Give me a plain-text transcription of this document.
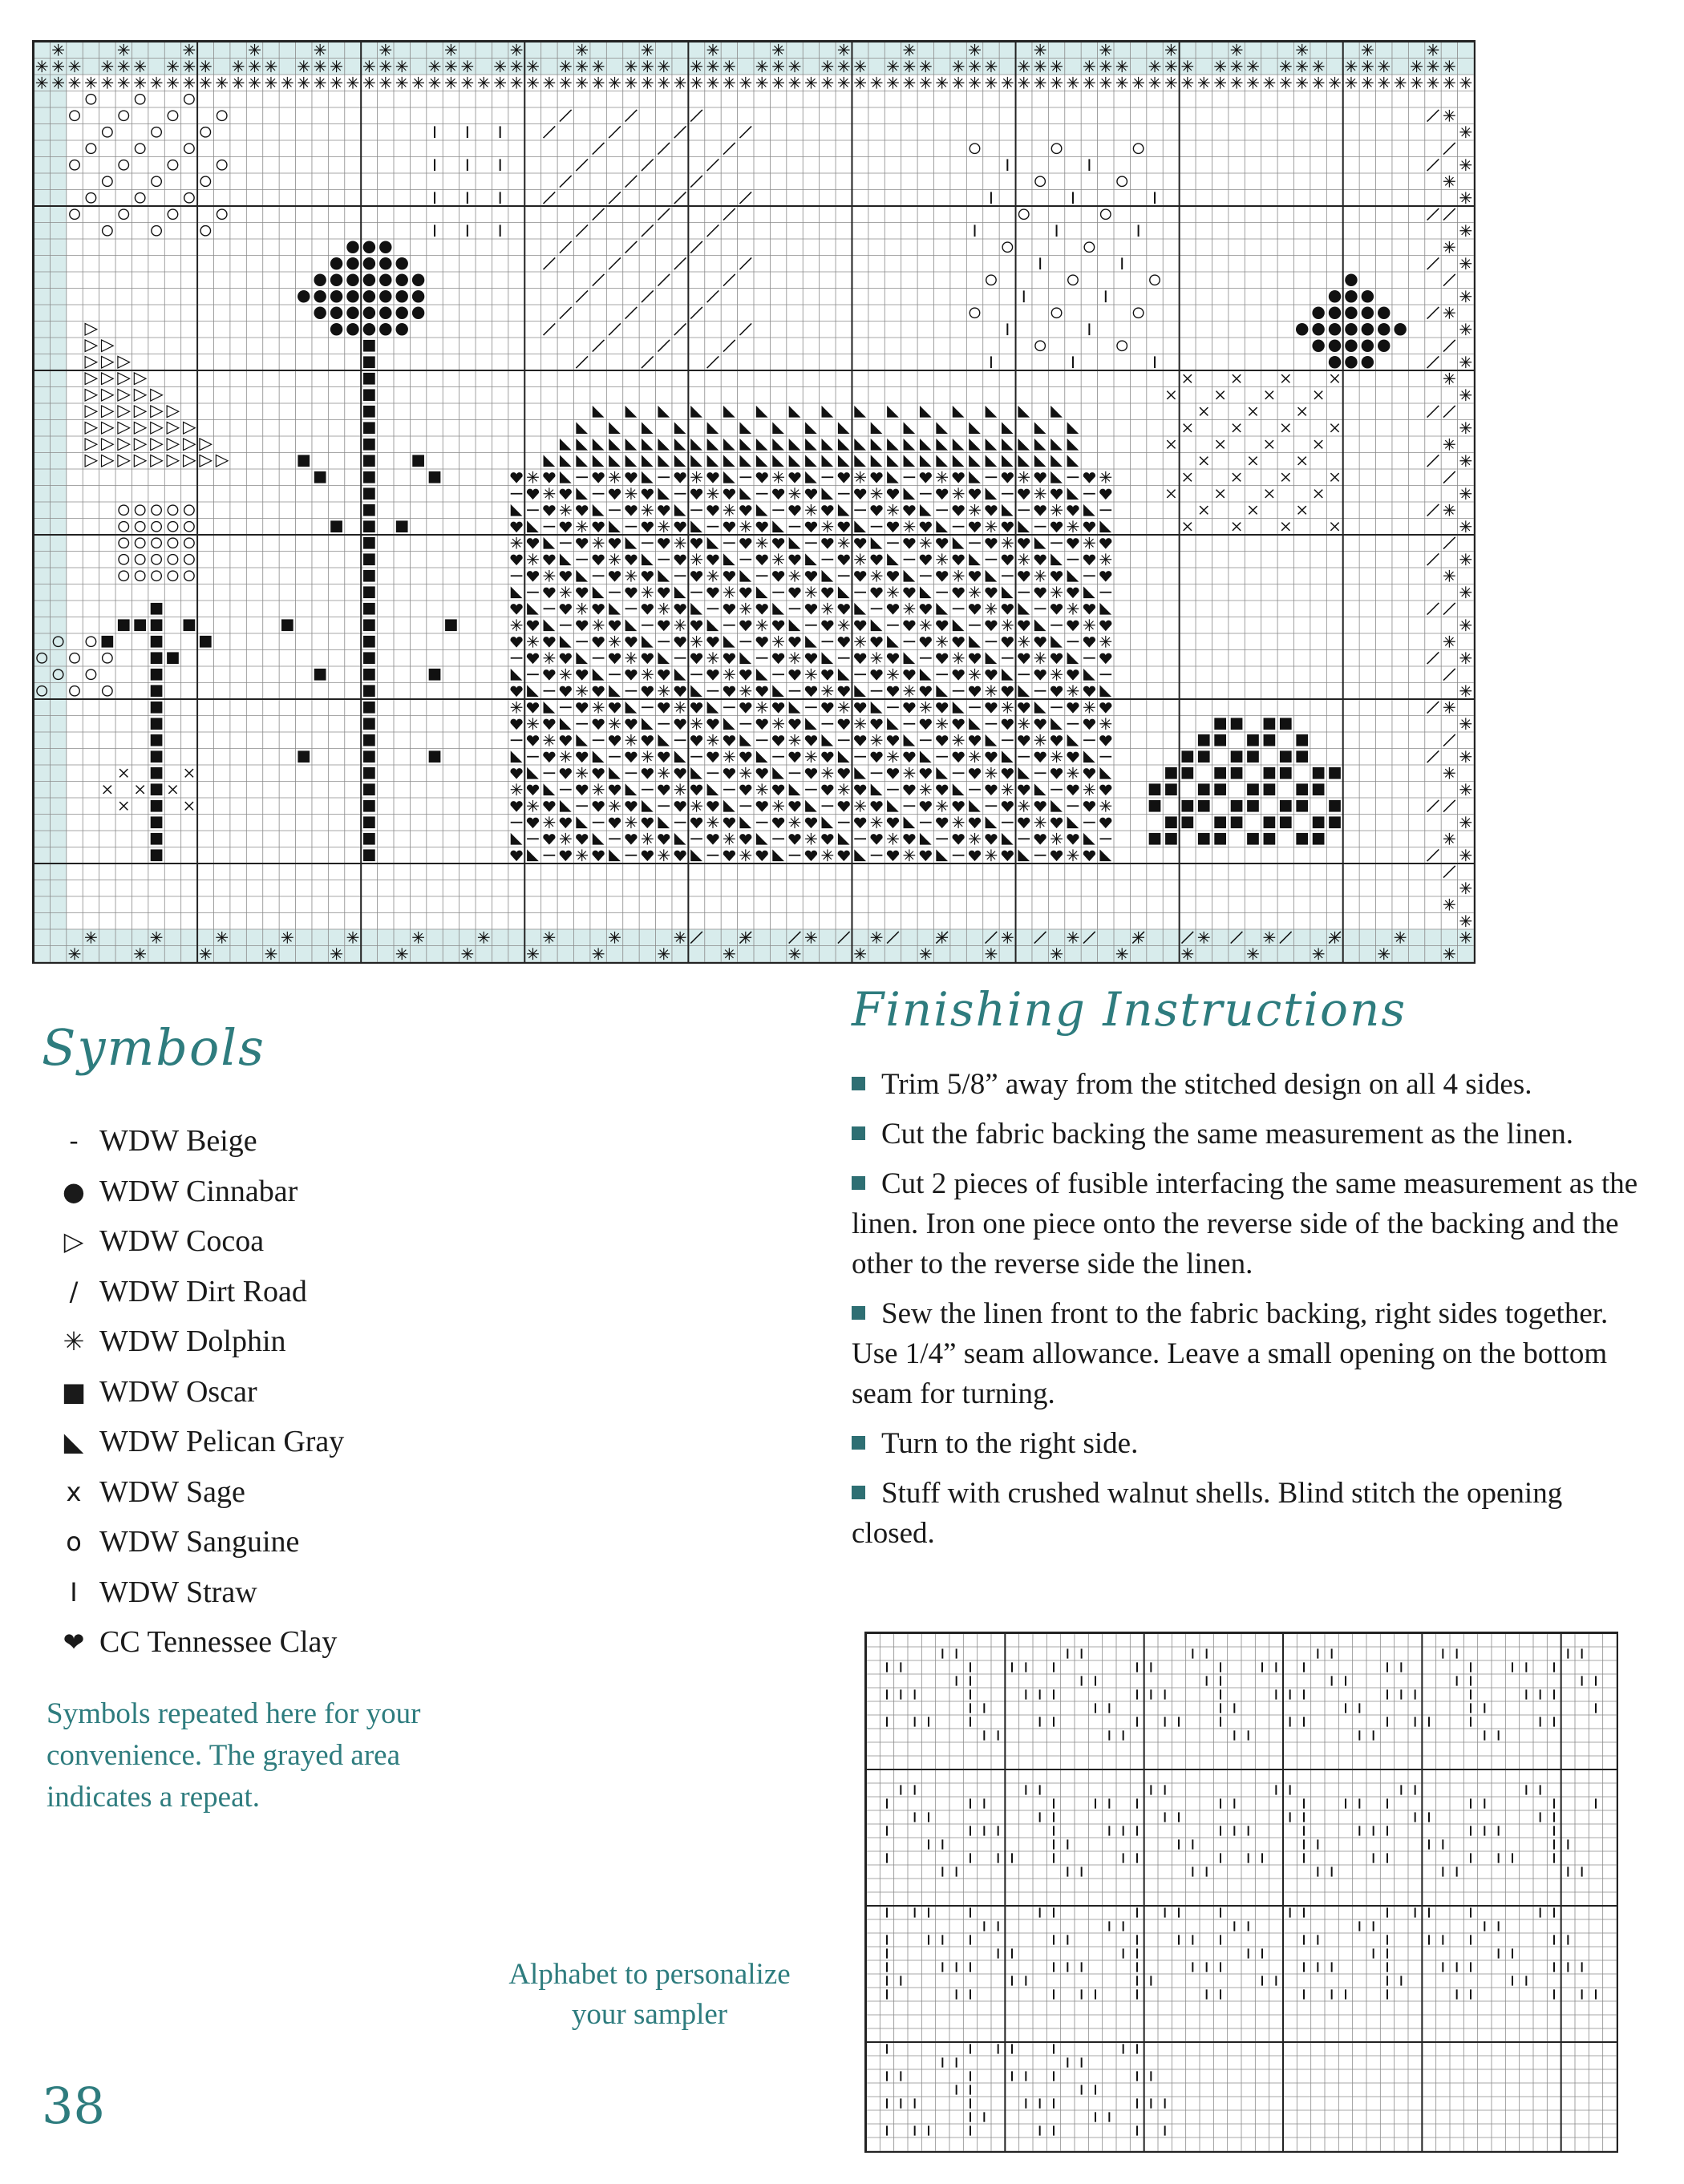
Symbols
- WDW Beige
● WDW Cinnabar
▷ WDW Cocoa
/ WDW Dirt Road
✳ WDW Dolphin
■ WDW Oscar
◣ WDW Pelican Gray
x WDW Sage
o WDW Sanguine
I WDW Straw
❤ CC Tennessee Clay
Symbols repeated here for your convenience. The grayed area indicates a repeat.
Finishing Instructions
Trim 5/8” away from the stitched design on all 4 sides.
Cut the fabric backing the same measurement as the linen.
Cut 2 pieces of fusible interfacing the same measurement as the linen. Iron one piece onto the reverse side of the backing and the other to the reverse side the linen.
Sew the linen front to the fabric backing, right sides together. Use 1/4” seam allowance. Leave a small opening on the bottom seam for turning.
Turn to the right side.
Stuff with crushed walnut shells. Blind stitch the opening closed.
Alphabet to personalize your sampler
38
